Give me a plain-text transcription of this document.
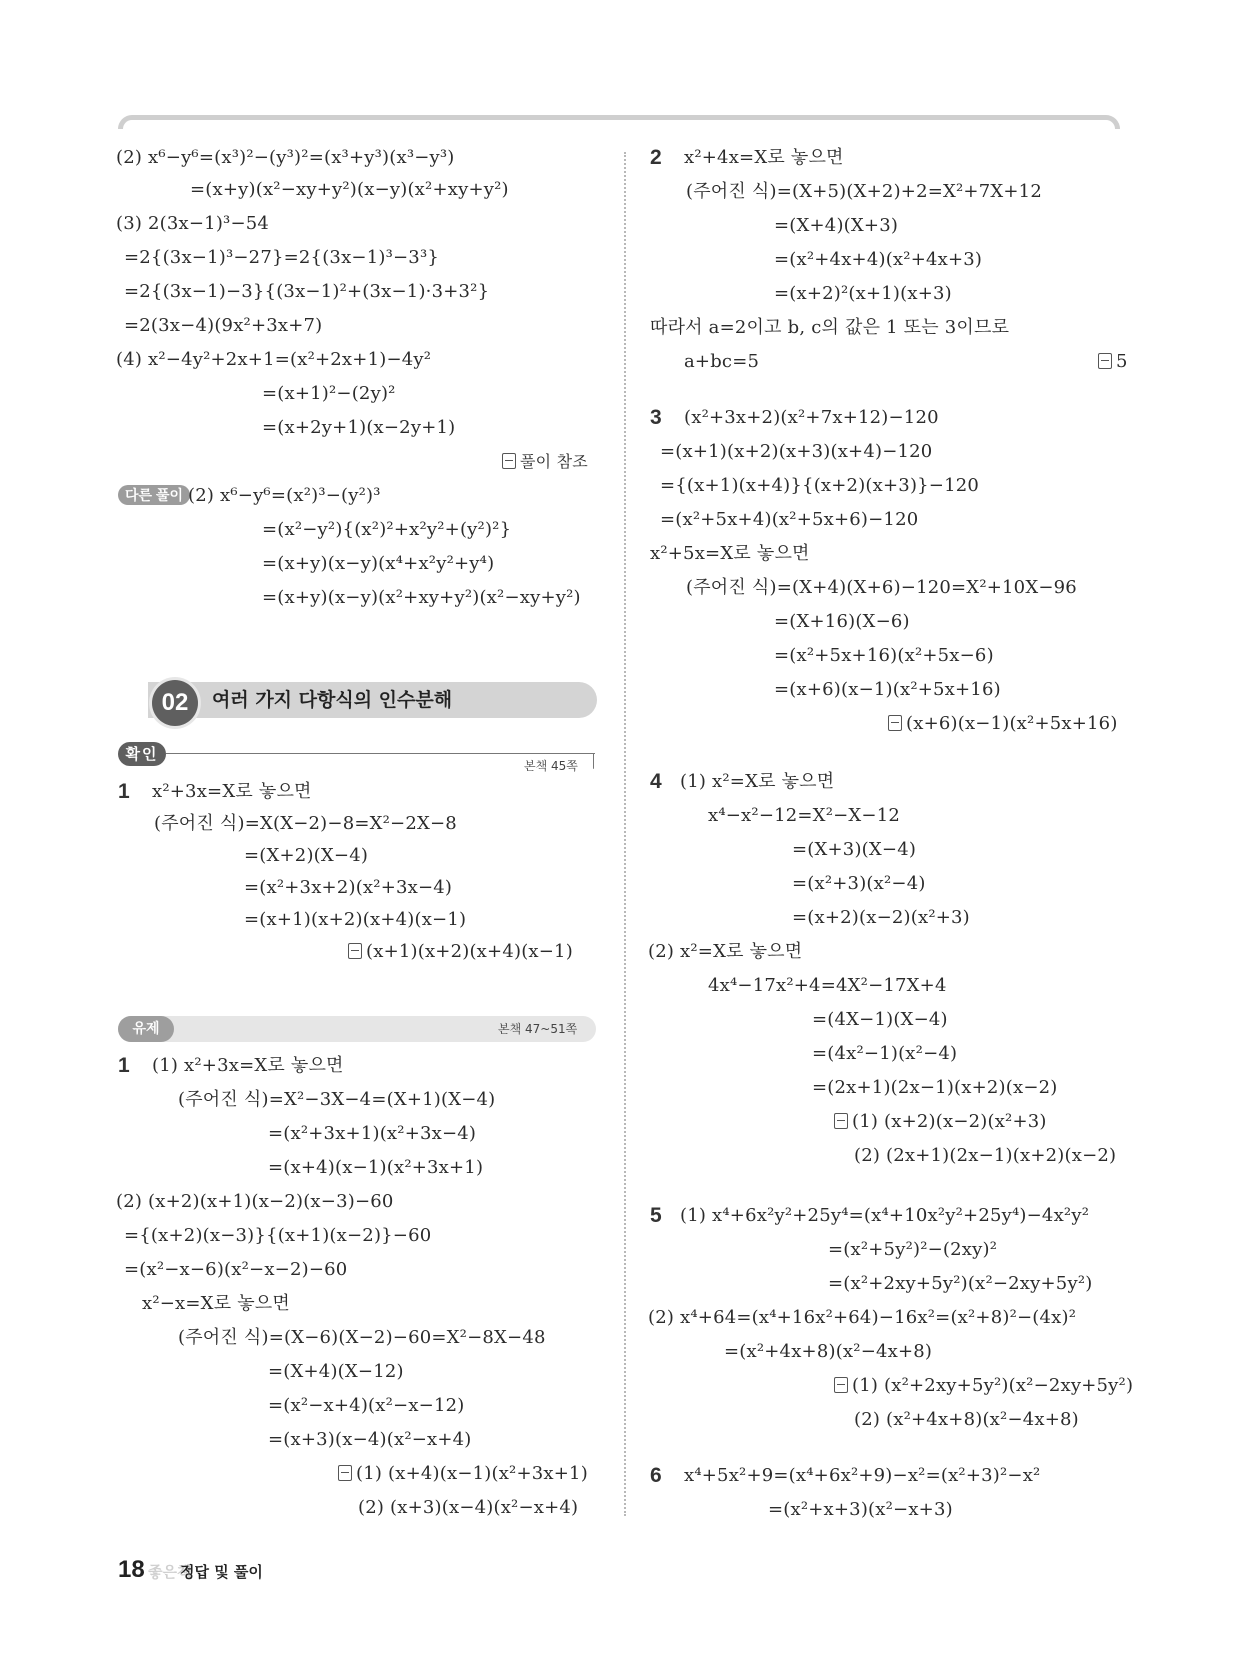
(2) x⁶−y⁶=(x³)²−(y³)²=(x³+y³)(x³−y³)
=(x+y)(x²−xy+y²)(x−y)(x²+xy+y²)
(3) 2(3x−1)³−54
=2{(3x−1)³−27}=2{(3x−1)³−3³}
=2{(3x−1)−3}{(3x−1)²+(3x−1)·3+3²}
=2(3x−4)(9x²+3x+7)
(4) x²−4y²+2x+1=(x²+2x+1)−4y²
=(x+1)²−(2y)²
=(x+2y+1)(x−2y+1)
풀이 참조
다른 풀이 (2) x⁶−y⁶=(x²)³−(y²)³
=(x²−y²){(x²)²+x²y²+(y²)²}
=(x+y)(x−y)(x⁴+x²y²+y⁴)
=(x+y)(x−y)(x²+xy+y²)(x²−xy+y²)
02	여러 가지 다항식의 인수분해
확인
본책 45쪽
1 x²+3x=X로 놓으면
(주어진 식)=X(X−2)−8=X²−2X−8
=(X+2)(X−4)
=(x²+3x+2)(x²+3x−4)
=(x+1)(x+2)(x+4)(x−1)
(x+1)(x+2)(x+4)(x−1)
유제	본책 47~51쪽
1 (1) x²+3x=X로 놓으면
(주어진 식)=X²−3X−4=(X+1)(X−4)
=(x²+3x+1)(x²+3x−4)
=(x+4)(x−1)(x²+3x+1)
(2) (x+2)(x+1)(x−2)(x−3)−60
={(x+2)(x−3)}{(x+1)(x−2)}−60
=(x²−x−6)(x²−x−2)−60
x²−x=X로 놓으면
(주어진 식)=(X−6)(X−2)−60=X²−8X−48
=(X+4)(X−12)
=(x²−x+4)(x²−x−12)
=(x+3)(x−4)(x²−x+4)
(1) (x+4)(x−1)(x²+3x+1)
(2) (x+3)(x−4)(x²−x+4)
2 x²+4x=X로 놓으면
(주어진 식)=(X+5)(X+2)+2=X²+7X+12
=(X+4)(X+3)
=(x²+4x+4)(x²+4x+3)
=(x+2)²(x+1)(x+3)
따라서 a=2이고 b, c의 값은 1 또는 3이므로
a+bc=5	5
3 (x²+3x+2)(x²+7x+12)−120
=(x+1)(x+2)(x+3)(x+4)−120
={(x+1)(x+4)}{(x+2)(x+3)}−120
=(x²+5x+4)(x²+5x+6)−120
x²+5x=X로 놓으면
(주어진 식)=(X+4)(X+6)−120=X²+10X−96
=(X+16)(X−6)
=(x²+5x+16)(x²+5x−6)
=(x+6)(x−1)(x²+5x+16)
(x+6)(x−1)(x²+5x+16)
4 (1) x²=X로 놓으면
x⁴−x²−12=X²−X−12
=(X+3)(X−4)
=(x²+3)(x²−4)
=(x+2)(x−2)(x²+3)
(2) x²=X로 놓으면
4x⁴−17x²+4=4X²−17X+4
=(4X−1)(X−4)
=(4x²−1)(x²−4)
=(2x+1)(2x−1)(x+2)(x−2)
(1) (x+2)(x−2)(x²+3)
(2) (2x+1)(2x−1)(x+2)(x−2)
5 (1) x⁴+6x²y²+25y⁴=(x⁴+10x²y²+25y⁴)−4x²y²
=(x²+5y²)²−(2xy)²
=(x²+2xy+5y²)(x²−2xy+5y²)
(2) x⁴+64=(x⁴+16x²+64)−16x²=(x²+8)²−(4x)²
=(x²+4x+8)(x²−4x+8)
(1) (x²+2xy+5y²)(x²−2xy+5y²)
(2) (x²+4x+8)(x²−4x+8)
6 x⁴+5x²+9=(x⁴+6x²+9)−x²=(x²+3)²−x²
=(x²+x+3)(x²−x+3)
18 좋은책
정답 및 풀이
